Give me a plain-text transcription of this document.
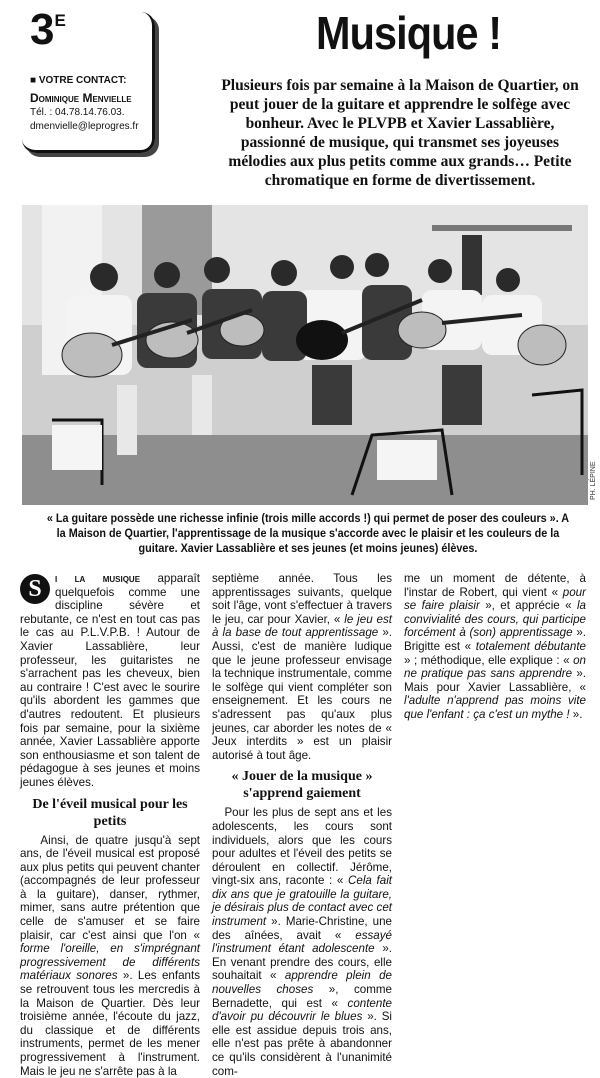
$3^E$
■ VOTRE CONTACT:
Dominique Menvielle
Tél. : 04.78.14.76.03.
dmenvielle@leprogres.fr
Musique !

Plusieurs fois par semaine à la Maison de Quartier, on peut jouer de la guitare et apprendre le solfège avec bonheur. Avec le PLVPB et Xavier Lassablière, passionné de musique, qui transmet ses joyeuses mélodies aux plus petits comme aux grands… Petite chromatique en forme de divertissement.

PH. LÉPINE

« La guitare possède une richesse infinie (trois mille accords !) qui permet de poser des couleurs ». A la Maison de Quartier, l'apprentissage de la musique s'accorde avec le plaisir et les couleurs de la guitare. Xavier Lassablière et ses jeunes (et moins jeunes) élèves.

S	i la musique apparaît quelquefois comme une discipline sévère et rebutante, ce n'est en tout cas pas le cas au P.L.V.P.B. ! Autour de Xavier Lassablière, leur professeur, les guitaristes ne s'arrachent pas les cheveux, bien au contraire ! C'est avec le sourire qu'ils abordent les gammes que d'autres redoutent. Et plusieurs fois par semaine, pour la sixième année, Xavier Lassablière apporte son enthousiasme et son talent de pédagogue à ses jeunes et moins jeunes élèves.

De l'éveil musical pour les petits

Ainsi, de quatre jusqu'à sept ans, de l'éveil musical est proposé aux plus petits qui peuvent chanter (accompagnés de leur professeur à la guitare), danser, rythmer, mimer, sans autre prétention que celle de s'amuser et se faire plaisir, car c'est ainsi que l'on « forme l'oreille, en s'imprégnant progressivement de différents matériaux sonores ». Les enfants se retrouvent tous les mercredis à la Maison de Quartier. Dès leur troisième année, l'écoute du jazz, du classique et de différents instruments, permet de les mener progressivement à l'instrument. Mais le jeu ne s'arrête pas à la

septième année. Tous les apprentissages suivants, quelque soit l'âge, vont s'effectuer à travers le jeu, car pour Xavier, « le jeu est à la base de tout apprentissage ». Aussi, c'est de manière ludique que le jeune professeur envisage la technique instrumentale, comme le solfège qui vient compléter son enseignement. Et les cours ne s'adressent pas qu'aux plus jeunes, car aborder les notes de « Jeux interdits » est un plaisir autorisé à tout âge.

« Jouer de la musique » s'apprend gaiement

Pour les plus de sept ans et les adolescents, les cours sont individuels, alors que les cours pour adultes et l'éveil des petits se déroulent en collectif. Jérôme, vingt-six ans, raconte : « Cela fait dix ans que je gratouille la guitare, je désirais plus de contact avec cet instrument ». Marie-Christine, une des aînées, avait « essayé l'instrument étant adolescente ». En venant prendre des cours, elle souhaitait « apprendre plein de nouvelles choses », comme Bernadette, qui est « contente d'avoir pu découvrir le blues ». Si elle est assidue depuis trois ans, elle n'est pas prête à abandonner ce qu'ils considèrent à l'unanimité com-

me un moment de détente, à l'instar de Robert, qui vient « pour se faire plaisir », et apprécie « la convivialité des cours, qui participe forcément à (son) apprentissage ». Brigitte est « totalement débutante » ; méthodique, elle explique : « on ne pratique pas sans apprendre ». Mais pour Xavier Lassablière, « l'adulte n'apprend pas moins vite que l'enfant : ça c'est un mythe ! ».
